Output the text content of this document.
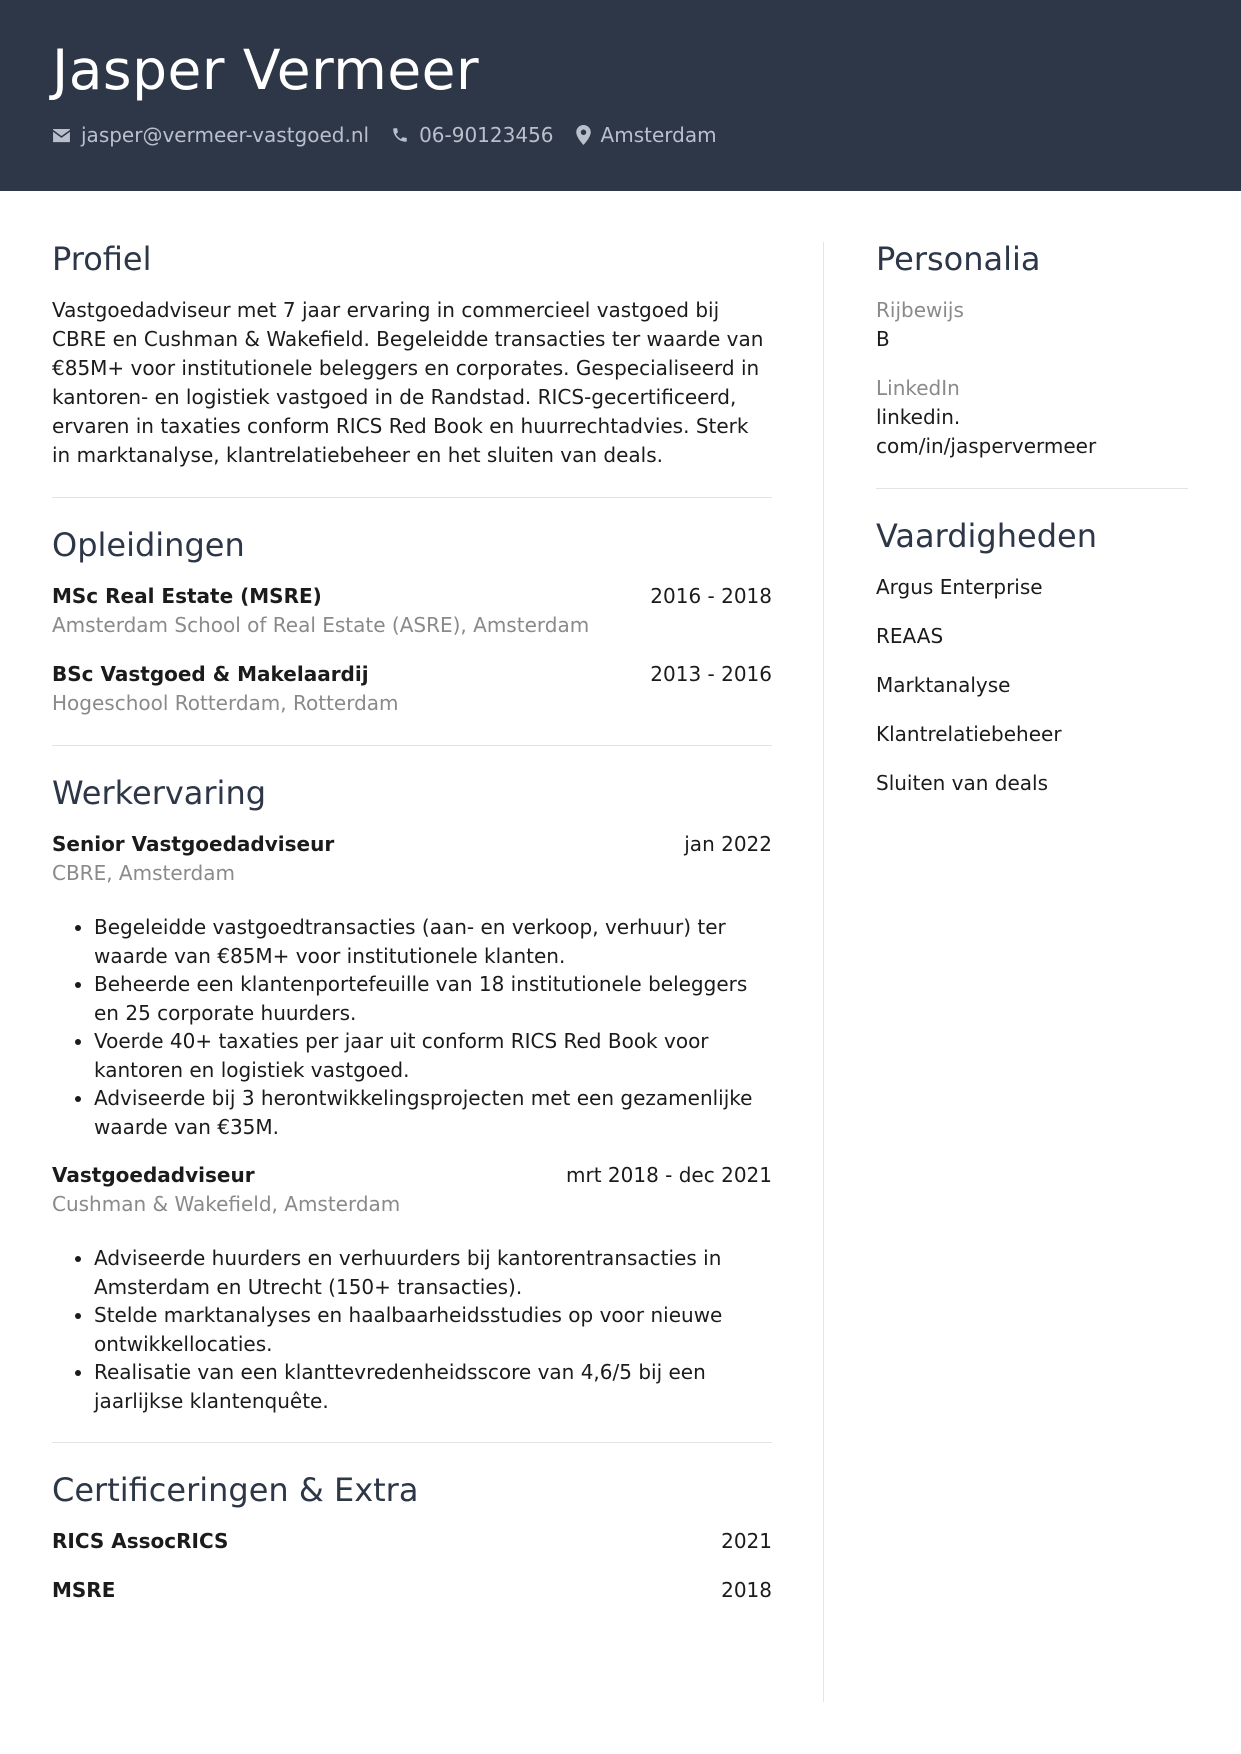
Jasper Vermeer
jasper@vermeer-vastgoed.nl	06-90123456 Amsterdam
Profiel

Vastgoedadviseur met 7 jaar ervaring in commercieel vastgoed bij CBRE en Cushman & Wakefield. Begeleidde transacties ter waarde van €85M+ voor institutionele beleggers en corporates. Gespecialiseerd in kantoren- en logistiek vastgoed in de Randstad. RICS-gecertificeerd, ervaren in taxaties conform RICS Red Book en huurrechtadvies. Sterk in marktanalyse, klantrelatiebeheer en het sluiten van deals.

Opleidingen
MSc Real Estate (MSRE)	2016 - 2018
Amsterdam School of Real Estate (ASRE), Amsterdam
BSc Vastgoed & Makelaardij	2013 - 2016
Hogeschool Rotterdam, Rotterdam
Werkervaring
Senior Vastgoedadviseur	jan 2022
CBRE, Amsterdam
• Begeleidde vastgoedtransacties (aan- en verkoop, verhuur) ter waarde van €85M+ voor institutionele klanten.
• Beheerde een klantenportefeuille van 18 institutionele beleggers en 25 corporate huurders.
• Voerde 40+ taxaties per jaar uit conform RICS Red Book voor kantoren en logistiek vastgoed.
• Adviseerde bij 3 herontwikkelingsprojecten met een gezamenlijke waarde van €35M.
Vastgoedadviseur	mrt 2018 - dec 2021
Cushman & Wakefield, Amsterdam
• Adviseerde huurders en verhuurders bij kantorentransacties in Amsterdam en Utrecht (150+ transacties).
• Stelde marktanalyses en haalbaarheidsstudies op voor nieuwe ontwikkellocaties.
• Realisatie van een klanttevredenheidsscore van 4,6/5 bij een jaarlijkse klantenquête.
Certificeringen & Extra
RICS AssocRICS	2021
MSRE	2018
Personalia
Rijbewijs
B
LinkedIn
linkedin.
com/in/jaspervermeer
Vaardigheden
Argus Enterprise
REAAS
Marktanalyse
Klantrelatiebeheer
Sluiten van deals
